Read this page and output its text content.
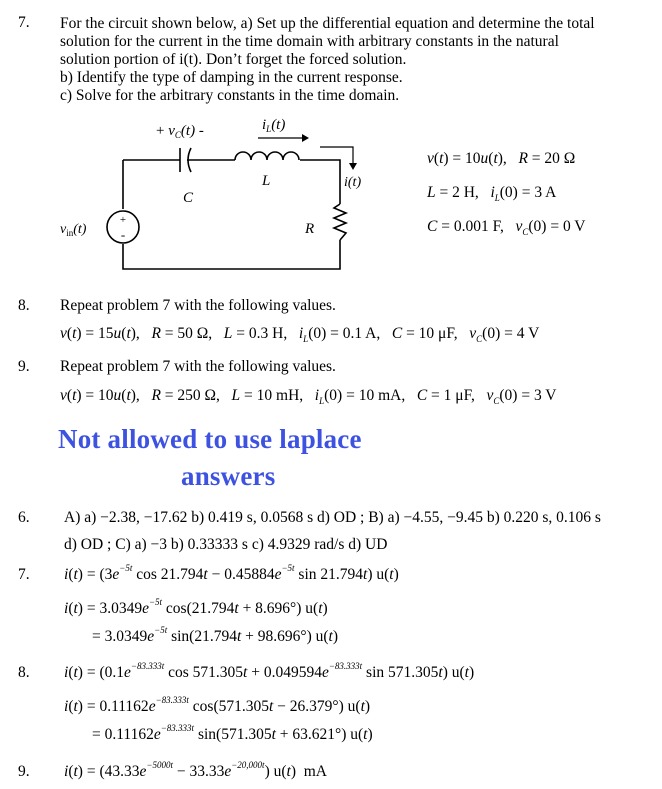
7. For the circuit shown below, a) Set up the differential equation and determine the total
solution for the current in the time domain with arbitrary constants in the natural
solution portion of i(t). Don’t forget the forced solution.
b) Identify the type of damping in the current response.
c) Solve for the arbitrary constants in the time domain.
+
-
+ $v_C(t)$ -	$i_L(t)$
L
C
i(t)
R
$v_{in}(t)$
v(t) = 10u(t),   R = 20 Ω
L = 2 H,   $i_L(0) = 3$ A
C = 0.001 F,   $v_C(0) = 0$ V
8. Repeat problem 7 with the following values.
v(t) = 15u(t),   R = 50 Ω,   L = 0.3 H,   $i_L(0) = 0.1$ A,   C = 10 μF,   $v_C(0) = 4$ V
9. Repeat problem 7 with the following values.
v(t) = 10u(t),   R = 250 Ω,   L = 10 mH,   $i_L(0) = 10$ mA,   C = 1 μF,   $v_C(0) = 3$ V
Not allowed to use laplace
answers
6. A) a) −2.38, −17.62 b) 0.419 s, 0.0568 s d) OD ; B) a) −4.55, −9.45 b) 0.220 s, 0.106 s
d) OD ; C) a) −3 b) 0.33333 s c) 4.9329 rad/s d) UD
7. $i(t) = (3e^{-5t}$ $\cos 21.794t - 0.45884e^{-5t}$ sin 21.794t) u(t)
$i(t) = 3.0349e^{-5t}$ cos(21.794t + 8.696°) u(t)
= $3.0349e^{-5t}$ sin(21.794t + 98.696°) u(t)
8. $i(t) = (0.1e^{-83.333t}$ $\cos 571.305t + 0.049594e^{-83.333t}$ sin 571.305t) u(t)
$i(t) = 0.11162e^{-83.333t}$ cos(571.305t − 26.379°) u(t)
= $0.11162e^{-83.333t}$ sin(571.305t + 63.621°) u(t)
9. $i(t) = (43.33e^{-5000t} - 33.33e^{-20,000t})$ u(t)  mA
